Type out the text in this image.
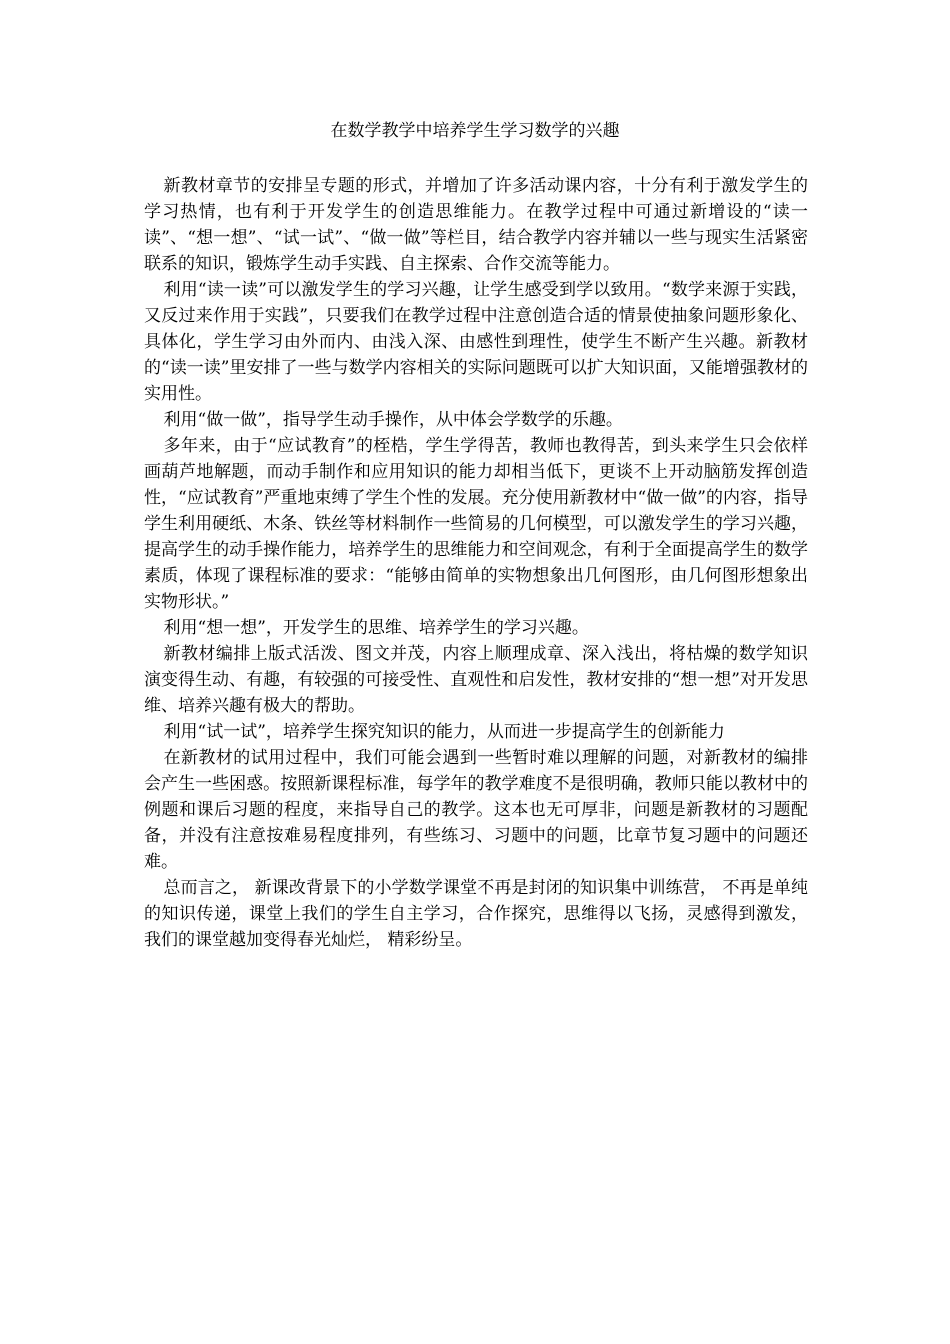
在数学教学中培养学生学习数学的兴趣

新教材章节的安排呈专题的形式，并增加了许多活动课内容，十分有利于激发学生的学习热情，也有利于开发学生的创造思维能力。在教学过程中可通过新增设的“读一读”、“想一想”、“试一试”、“做一做”等栏目，结合教学内容并辅以一些与现实生活紧密联系的知识，锻炼学生动手实践、自主探索、合作交流等能力。

利用“读一读”可以激发学生的学习兴趣，让学生感受到学以致用。“数学来源于实践，又反过来作用于实践”，只要我们在教学过程中注意创造合适的情景使抽象问题形象化、具体化，学生学习由外而内、由浅入深、由感性到理性，使学生不断产生兴趣。新教材的“读一读”里安排了一些与数学内容相关的实际问题既可以扩大知识面，又能增强教材的实用性。

利用“做一做”，指导学生动手操作，从中体会学数学的乐趣。

多年来，由于“应试教育”的桎梏，学生学得苦，教师也教得苦，到头来学生只会依样画葫芦地解题，而动手制作和应用知识的能力却相当低下，更谈不上开动脑筋发挥创造性，“应试教育”严重地束缚了学生个性的发展。充分使用新教材中“做一做”的内容，指导学生利用硬纸、木条、铁丝等材料制作一些简易的几何模型，可以激发学生的学习兴趣，提高学生的动手操作能力，培养学生的思维能力和空间观念，有利于全面提高学生的数学素质，体现了课程标准的要求：“能够由简单的实物想象出几何图形，由几何图形想象出实物形状。”

利用“想一想”，开发学生的思维、培养学生的学习兴趣。

新教材编排上版式活泼、图文并茂，内容上顺理成章、深入浅出，将枯燥的数学知识演变得生动、有趣，有较强的可接受性、直观性和启发性，教材安排的“想一想”对开发思维、培养兴趣有极大的帮助。

利用“试一试”，培养学生探究知识的能力，从而进一步提高学生的创新能力

在新教材的试用过程中，我们可能会遇到一些暂时难以理解的问题，对新教材的编排会产生一些困惑。按照新课程标准，每学年的教学难度不是很明确，教师只能以教材中的例题和课后习题的程度，来指导自己的教学。这本也无可厚非，问题是新教材的习题配备，并没有注意按难易程度排列，有些练习、习题中的问题，比章节复习题中的问题还难。

总而言之， 新课改背景下的小学数学课堂不再是封闭的知识集中训练营， 不再是单纯的知识传递，课堂上我们的学生自主学习，合作探究，思维得以飞扬，灵感得到激发， 我们的课堂越加变得春光灿烂， 精彩纷呈。
